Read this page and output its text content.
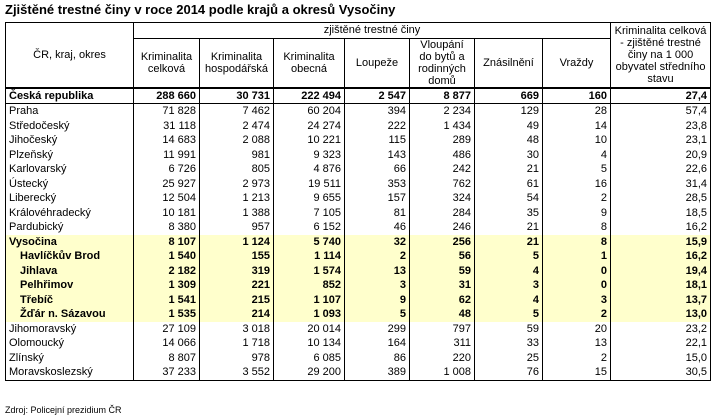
Zjištěné trestné činy v roce 2014 podle krajů a okresů Vysočiny
ČR, kraj, okres	zjištěné trestné činy							Kriminalita celková - zjištěné trestné činy na 1 000 obyvatel středního stavu
	Kriminalita celková	Kriminalita hospodářská	Kriminalita obecná	Loupeže	Vloupání do bytů a rodinných domů	Znásilnění	Vraždy	
Česká republika	288 660	30 731	222 494	2 547	8 877	669	160	27,4
Praha	71 828	7 462	60 204	394	2 234	129	28	57,4
Středočeský	31 118	2 474	24 274	222	1 434	49	14	23,8
Jihočeský	14 683	2 088	10 221	115	289	48	10	23,1
Plzeňský	11 991	981	9 323	143	486	30	4	20,9
Karlovarský	6 726	805	4 876	66	242	21	5	22,6
Ústecký	25 927	2 973	19 511	353	762	61	16	31,4
Liberecký	12 504	1 213	9 655	157	324	54	2	28,5
Královéhradecký	10 181	1 388	7 105	81	284	35	9	18,5
Pardubický	8 380	957	6 152	46	246	21	8	16,2
Vysočina	8 107	1 124	5 740	32	256	21	8	15,9
Havlíčkův Brod	1 540	155	1 114	2	56	5	1	16,2
Jihlava	2 182	319	1 574	13	59	4	0	19,4
Pelhřimov	1 309	221	852	3	31	3	0	18,1
Třebíč	1 541	215	1 107	9	62	4	3	13,7
Žďár n. Sázavou	1 535	214	1 093	5	48	5	2	13,0
Jihomoravský	27 109	3 018	20 014	299	797	59	20	23,2
Olomoucký	14 066	1 718	10 134	164	311	33	13	22,1
Zlínský	8 807	978	6 085	86	220	25	2	15,0
Moravskoslezský	37 233	3 552	29 200	389	1 008	76	15	30,5
Zdroj: Policejní prezidium ČR
